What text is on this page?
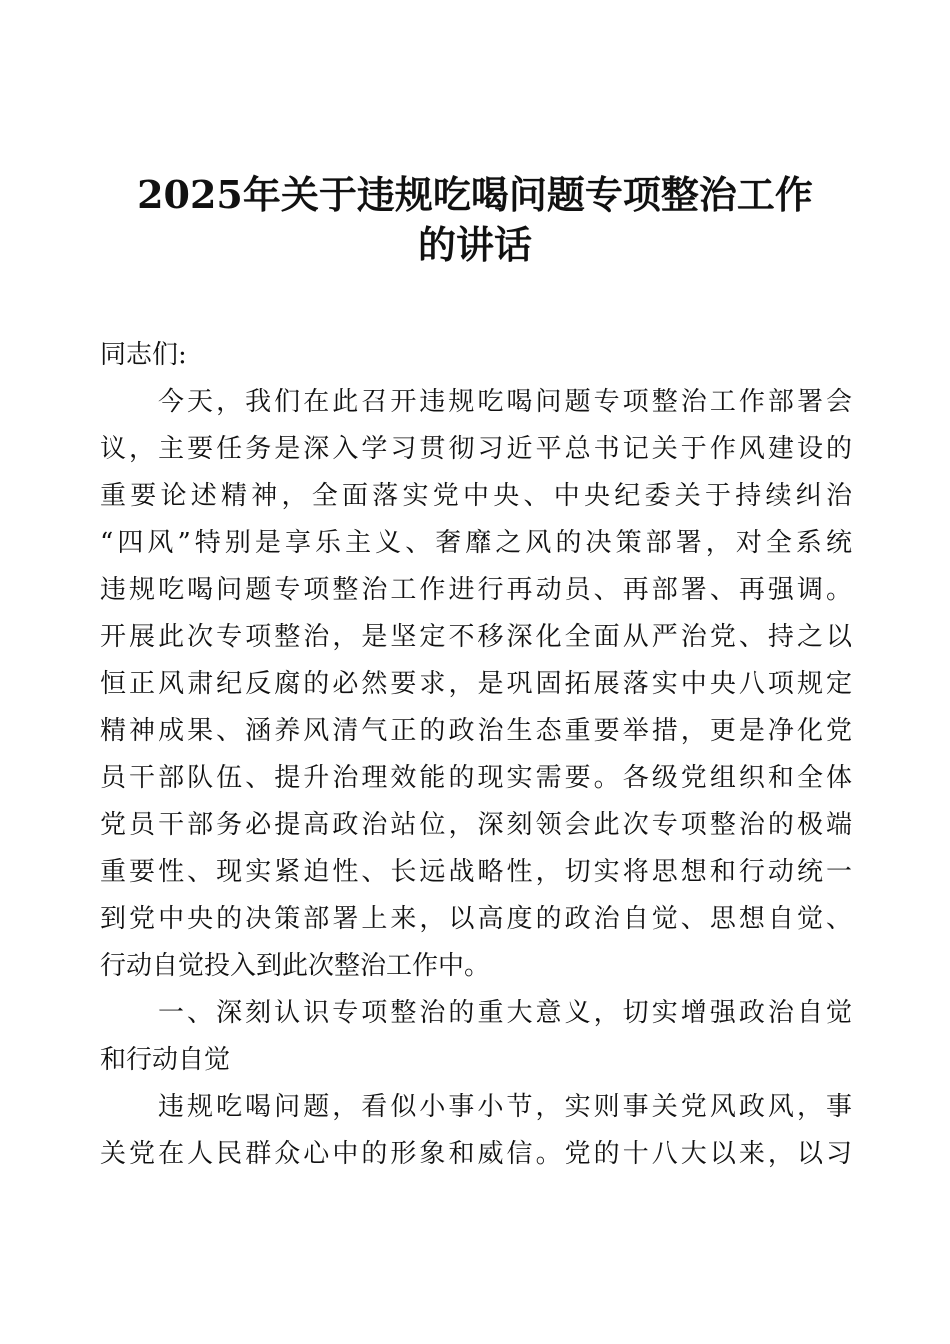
2025年关于违规吃喝问题专项整治工作
的讲话
同志们:
今天，我们在此召开违规吃喝问题专项整治工作部署会
议，主要任务是深入学习贯彻习近平总书记关于作风建设的
重要论述精神，全面落实党中央、中央纪委关于持续纠治
“四风”特别是享乐主义、奢靡之风的决策部署，对全系统
违规吃喝问题专项整治工作进行再动员、再部署、再强调。
开展此次专项整治，是坚定不移深化全面从严治党、持之以
恒正风肃纪反腐的必然要求，是巩固拓展落实中央八项规定
精神成果、涵养风清气正的政治生态重要举措，更是净化党
员干部队伍、提升治理效能的现实需要。各级党组织和全体
党员干部务必提高政治站位，深刻领会此次专项整治的极端
重要性、现实紧迫性、长远战略性，切实将思想和行动统一
到党中央的决策部署上来，以高度的政治自觉、思想自觉、
行动自觉投入到此次整治工作中。
一、深刻认识专项整治的重大意义，切实增强政治自觉
和行动自觉
违规吃喝问题，看似小事小节，实则事关党风政风，事
关党在人民群众心中的形象和威信。党的十八大以来，以习
